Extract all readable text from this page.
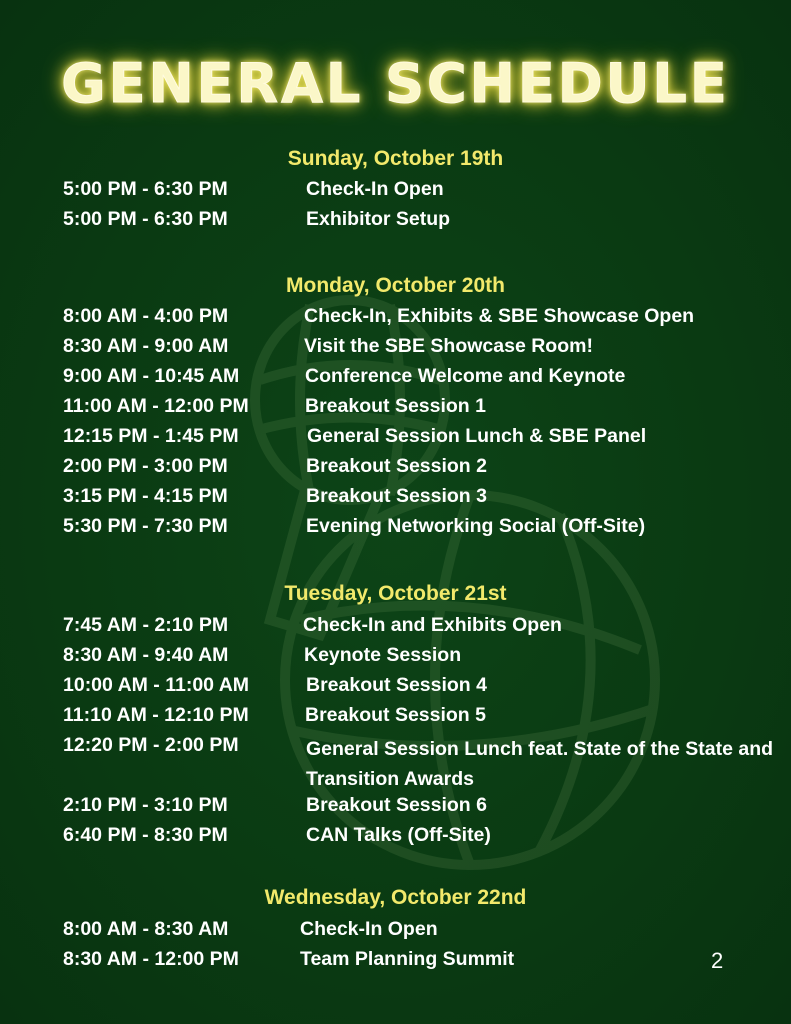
GENERAL SCHEDULE
Sunday, October 19th
5:00 PM - 6:30 PM	Check-In Open
5:00 PM - 6:30 PM	Exhibitor Setup
Monday, October 20th
8:00 AM - 4:00 PM	Check-In, Exhibits & SBE Showcase Open
8:30 AM - 9:00 AM	Visit the SBE Showcase Room!
9:00 AM - 10:45 AM	Conference Welcome and Keynote
11:00 AM - 12:00 PM	Breakout Session 1
12:15 PM - 1:45 PM	General Session Lunch & SBE Panel
2:00 PM - 3:00 PM	Breakout Session 2
3:15 PM - 4:15 PM	Breakout Session 3
5:30 PM - 7:30 PM	Evening Networking Social (Off-Site)
Tuesday, October 21st
7:45 AM - 2:10 PM	Check-In and Exhibits Open
8:30 AM - 9:40 AM	Keynote Session
10:00 AM - 11:00 AM	Breakout Session 4
11:10 AM - 12:10 PM	Breakout Session 5
12:20 PM - 2:00 PM	General Session Lunch feat. State of the State and Transition Awards
2:10 PM - 3:10 PM	Breakout Session 6
6:40 PM - 8:30 PM	CAN Talks (Off-Site)
Wednesday, October 22nd
8:00 AM - 8:30 AM	Check-In Open
8:30 AM - 12:00 PM	Team Planning Summit	2
